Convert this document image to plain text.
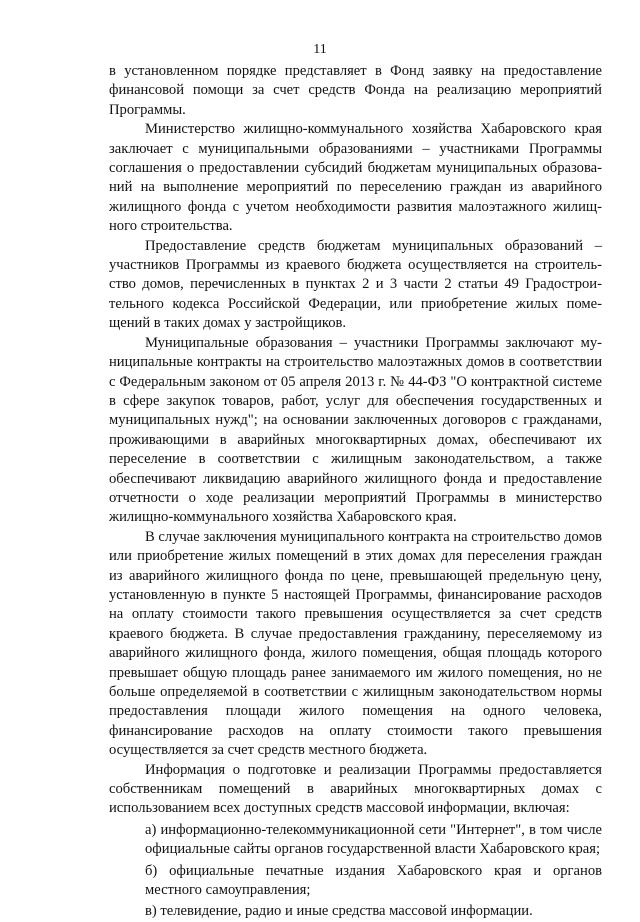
11

в установленном порядке представляет в Фонд заявку на предоставление финансовой помощи за счет средств Фонда на реализацию мероприятий Программы.

Министерство жилищно-коммунального хозяйства Хабаровского края заключает с муниципальными образованиями – участниками Программы соглашения о предоставлении субсидий бюджетам муниципальных образований на выполнение мероприятий по переселению граждан из аварийного жилищного фонда с учетом необходимости развития малоэтажного жилищного строительства.

Предоставление средств бюджетам муниципальных образований – участников Программы из краевого бюджета осуществляется на строительство домов, перечисленных в пунктах 2 и 3 части 2 статьи 49 Градостроительного кодекса Российской Федерации, или приобретение жилых помещений в таких домах у застройщиков.

Муниципальные образования – участники Программы заключают муниципальные контракты на строительство малоэтажных домов в соответствии с Федеральным законом от 05 апреля 2013 г. № 44-ФЗ "О контрактной системе в сфере закупок товаров, работ, услуг для обеспечения государственных и муниципальных нужд"; на основании заключенных договоров с гражданами, проживающими в аварийных многоквартирных домах, обеспечивают их переселение в соответствии с жилищным законодательством, а также обеспечивают ликвидацию аварийного жилищного фонда и предоставление отчетности о ходе реализации мероприятий Программы в министерство жилищно-коммунального хозяйства Хабаровского края.

В случае заключения муниципального контракта на строительство домов или приобретение жилых помещений в этих домах для переселения граждан из аварийного жилищного фонда по цене, превышающей предельную цену, установленную в пункте 5 настоящей Программы, финансирование расходов на оплату стоимости такого превышения осуществляется за счет средств краевого бюджета. В случае предоставления гражданину, переселяемому из аварийного жилищного фонда, жилого помещения, общая площадь которого превышает общую площадь ранее занимаемого им жилого помещения, но не больше определяемой в соответствии с жилищным законодательством нормы предоставления площади жилого помещения на одного человека, финансирование расходов на оплату стоимости такого превышения осуществляется за счет средств местного бюджета.

Информация о подготовке и реализации Программы предоставляется собственникам помещений в аварийных многоквартирных домах с использованием всех доступных средств массовой информации, включая:

а) информационно-телекоммуникационной сети "Интернет", в том числе официальные сайты органов государственной власти Хабаровского края;

б) официальные печатные издания Хабаровского края и органов местного самоуправления;

в) телевидение, радио и иные средства массовой информации.
